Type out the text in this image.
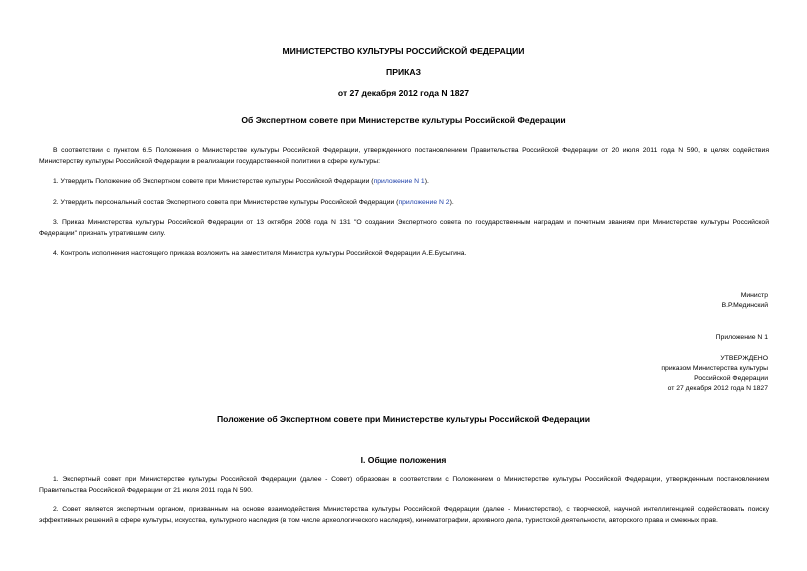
МИНИСТЕРСТВО КУЛЬТУРЫ РОССИЙСКОЙ ФЕДЕРАЦИИ
ПРИКАЗ
от 27 декабря 2012 года N 1827
Об Экспертном совете при Министерстве культуры Российской Федерации
В соответствии с пунктом 6.5 Положения о Министерстве культуры Российской Федерации, утвержденного постановлением Правительства Российской Федерации от 20 июля 2011 года N 590, в целях содействия Министерству культуры Российской Федерации в реализации государственной политики в сфере культуры:
1. Утвердить Положение об Экспертном совете при Министерстве культуры Российской Федерации (приложение N 1).
2. Утвердить персональный состав Экспертного совета при Министерстве культуры Российской Федерации (приложение N 2).
3. Приказ Министерства культуры Российской Федерации от 13 октября 2008 года N 131 "О создании Экспертного совета по государственным наградам и почетным званиям при Министерстве культуры Российской Федерации" признать утратившим силу.
4. Контроль исполнения настоящего приказа возложить на заместителя Министра культуры Российской Федерации А.Е.Бусыгина.
Министр
В.Р.Мединский
Приложение N 1
УТВЕРЖДЕНО
приказом Министерства культуры
Российской Федерации
от 27 декабря 2012 года N 1827
Положение об Экспертном совете при Министерстве культуры Российской Федерации
I. Общие положения
1. Экспертный совет при Министерстве культуры Российской Федерации (далее - Совет) образован в соответствии с Положением о Министерстве культуры Российской Федерации, утвержденным постановлением Правительства Российской Федерации от 21 июля 2011 года N 590.
2. Совет является экспертным органом, призванным на основе взаимодействия Министерства культуры Российской Федерации (далее - Министерство), с творческой, научной интеллигенцией содействовать поиску эффективных решений в сфере культуры, искусства, культурного наследия (в том числе археологического наследия), кинематографии, архивного дела, туристской деятельности, авторского права и смежных прав.
